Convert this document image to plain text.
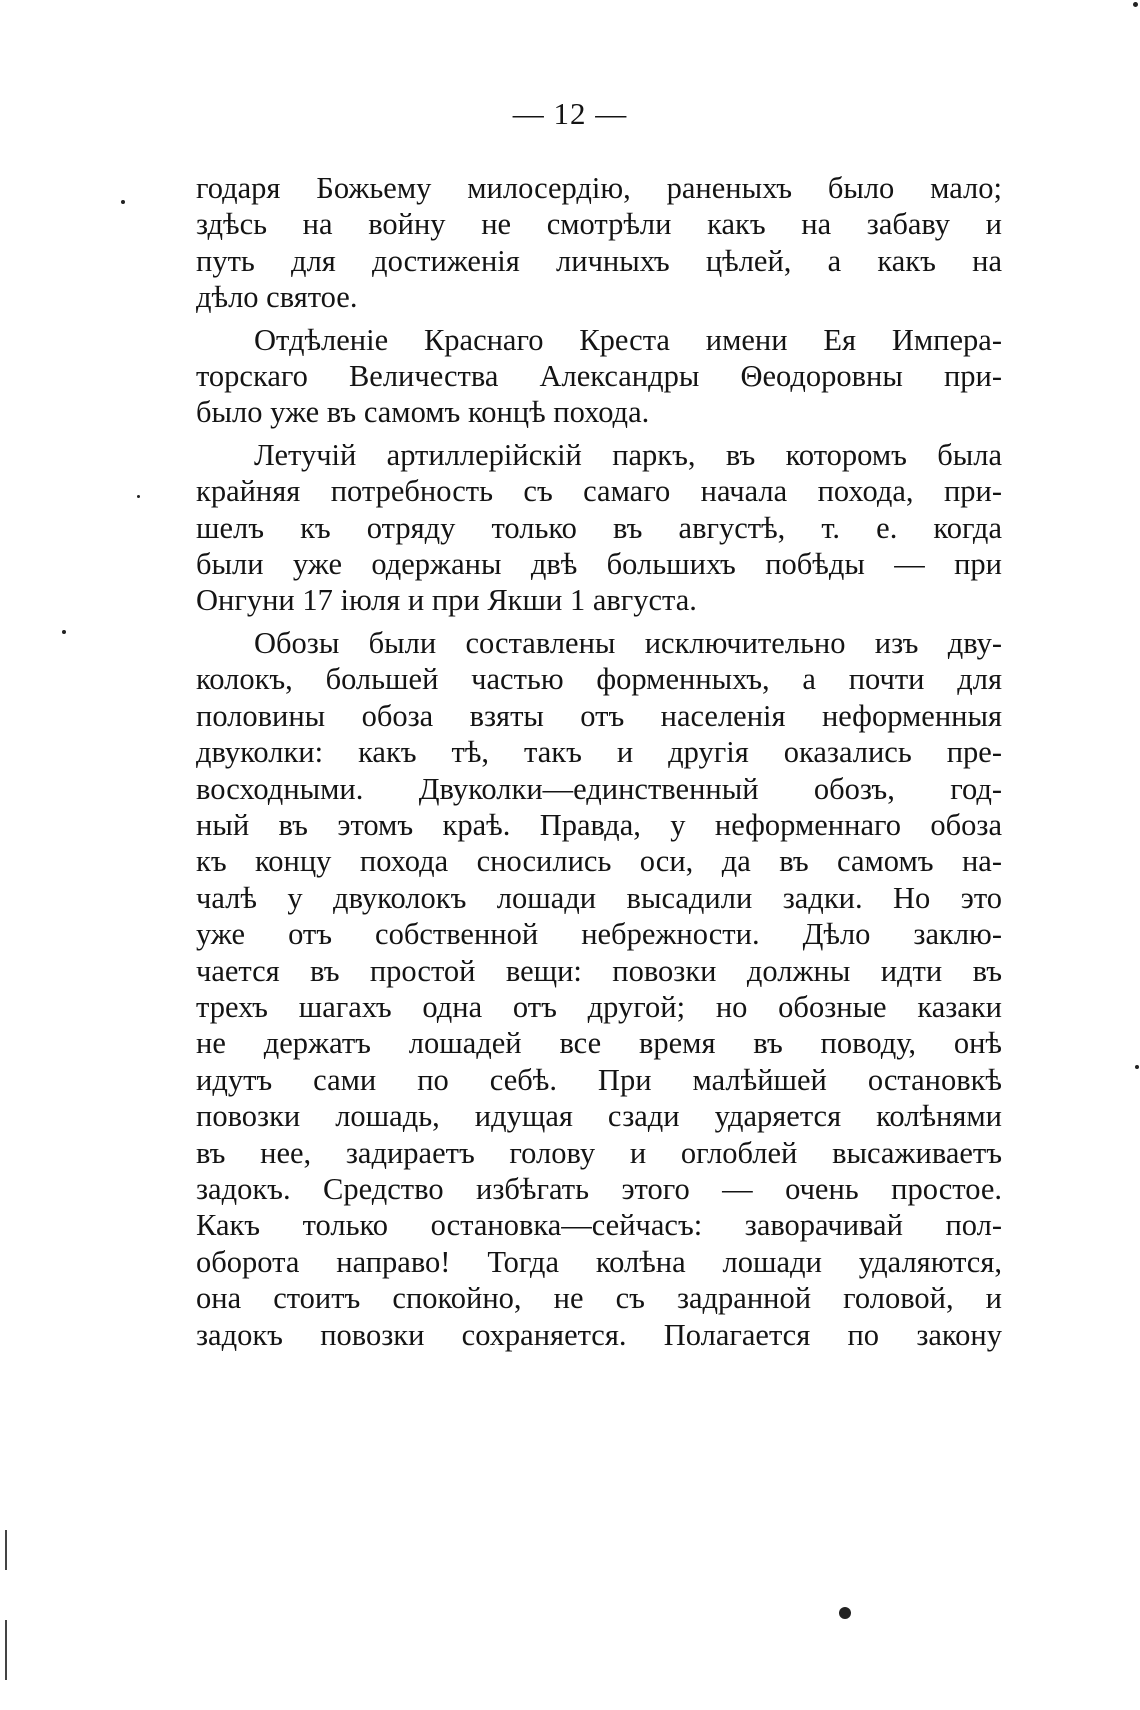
— 12 —

годаря Божьему милосердію, раненыхъ было мало;
здѣсь на войну не смотрѣли какъ на забаву и
путь для достиженія личныхъ цѣлей, а какъ на
дѣло святое.

Отдѣленіе Краснаго Креста имени Ея Импера-
торскаго Величества Александры Θеодоровны при-
было уже въ самомъ концѣ похода.

Летучій артиллерійскій паркъ, въ которомъ была
крайняя потребность съ самаго начала похода, при-
шелъ къ отряду только въ августѣ, т. е. когда
были уже одержаны двѣ большихъ побѣды — при
Онгуни 17 іюля и при Якши 1 августа.

Обозы были составлены исключительно изъ дву-
колокъ, большей частью форменныхъ, а почти для
половины обоза взяты отъ населенія неформенныя
двуколки: какъ тѣ, такъ и другія оказались пре-
восходными. Двуколки—единственный обозъ, год-
ный въ этомъ краѣ. Правда, у неформеннаго обоза
къ концу похода сносились оси, да въ самомъ на-
чалѣ у двуколокъ лошади высадили задки. Но это
уже отъ собственной небрежности. Дѣло заклю-
чается въ простой вещи: повозки должны идти въ
трехъ шагахъ одна отъ другой; но обозные казаки
не держатъ лошадей все время въ поводу, онѣ
идутъ сами по себѣ. При малѣйшей остановкѣ
повозки лошадь, идущая сзади ударяется колѣнями
въ нее, задираетъ голову и оглоблей высаживаетъ
задокъ. Средство избѣгать этого — очень простое.
Какъ только остановка—сейчасъ: заворачивай пол-
оборота направо! Тогда колѣна лошади удаляются,
она стоитъ спокойно, не съ задранной головой, и
задокъ повозки сохраняется. Полагается по закону
